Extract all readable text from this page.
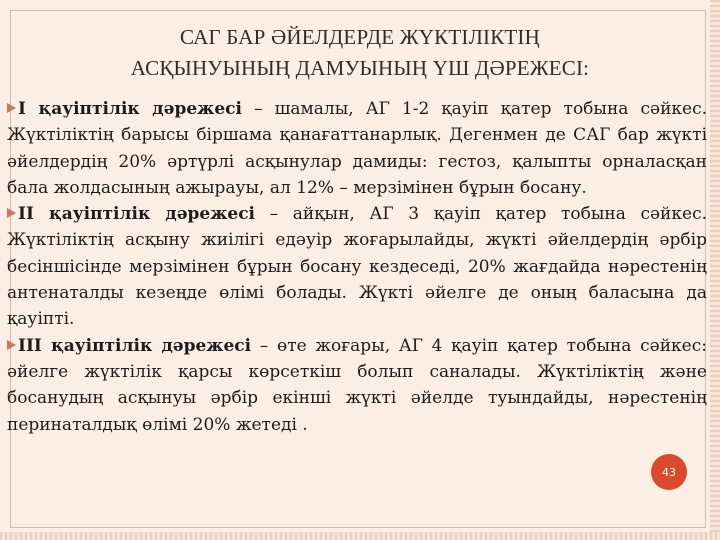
САГ БАР ӘЙЕЛДЕРДЕ ЖҮКТІЛІКТІҢ
АСҚЫНУЫНЫҢ ДАМУЫНЫҢ ҮШ ДӘРЕЖЕСІ:

І қауіптілік дәрежесі – шамалы, АГ 1-2 қауіп қатер тобына сәйкес. Жүктіліктің барысы біршама қанағаттанарлық. Дегенмен де САГ бар жүкті әйелдердің 20% әртүрлі асқынулар дамиды: гестоз, қалыпты орналасқан бала жолдасының ажырауы, ал 12% – мерзімінен бұрын босану.

ІІ қауіптілік дәрежесі – айқын, АГ 3 қауіп қатер тобына сәйкес. Жүктіліктің асқыну жиілігі едәуір жоғарылайды, жүкті әйелдердің әрбір бесіншісінде мерзімінен бұрын босану кездеседі, 20% жағдайда нәрестенің антенаталды кезеңде өлімі болады. Жүкті әйелге де оның баласына да қауіпті.

ІІІ қауіптілік дәрежесі – өте жоғары, АГ 4 қауіп қатер тобына сәйкес: әйелге жүктілік қарсы көрсеткіш болып саналады. Жүктіліктің және босанудың асқынуы әрбір екінші жүкті әйелде туындайды, нәрестенің перинаталдық өлімі 20% жетеді .

43
